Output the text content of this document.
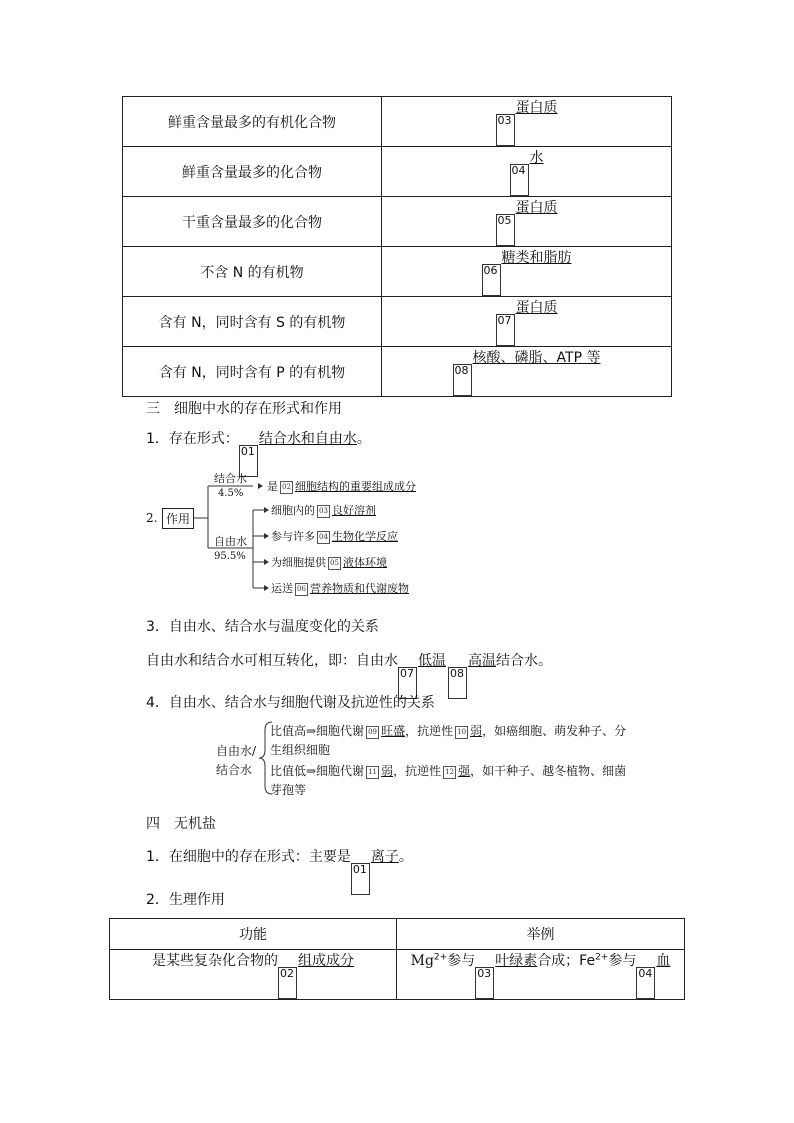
鲜重含量最多的有机化合物	03蛋白质
鲜重含量最多的化合物	04水
干重含量最多的化合物	05蛋白质
不含 N 的有机物	06糖类和脂肪
含有 N，同时含有 S 的有机物	07蛋白质
含有 N，同时含有 P 的有机物	08核酸、磷脂、ATP 等
三　细胞中水的存在形式和作用
1．存在形式：01结合水和自由水。
2. 作用
结合水
4.5%
是 02 细胞结构的重要组成成分
自由水
95.5%
细胞内的 03 良好溶剂
参与许多 04 生物化学反应
为细胞提供 05 液体环境
运送 06 营养物质和代谢废物
3．自由水、结合水与温度变化的关系
自由水和结合水可相互转化，即：自由水07低温08高温结合水。
4．自由水、结合水与细胞代谢及抗逆性的关系
自由水/
结合水
比值高⇒细胞代谢 09 旺盛，抗逆性 10 弱，如癌细胞、萌发种子、分
生组织细胞
比值低⇒细胞代谢 11 弱，抗逆性 12 强，如干种子、越冬植物、细菌
芽孢等
四　无机盐
1．在细胞中的存在形式：主要是01离子。
2．生理作用
功能	举例
是某些复杂化合物的02组成成分	$Mg^{2+}$参与03叶绿素合成；$Fe^{2+}$参与04血
